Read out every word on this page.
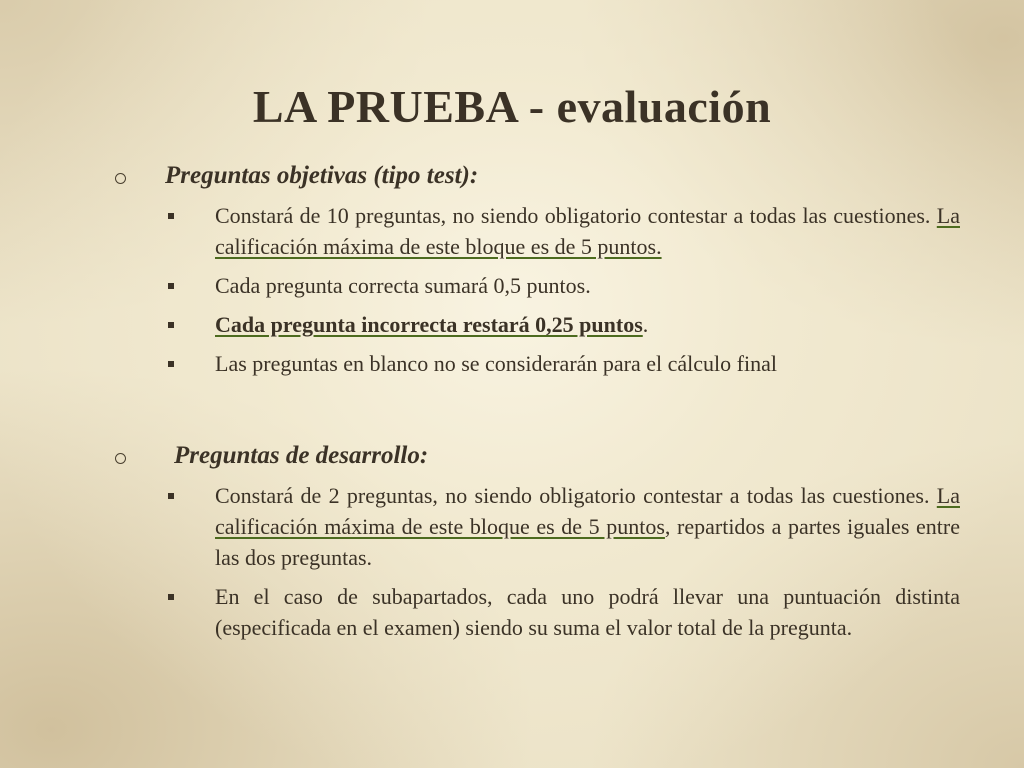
LA PRUEBA - evaluación
Preguntas objetivas (tipo test):
Constará de 10 preguntas, no siendo obligatorio contestar a todas las cuestiones. La calificación máxima de este bloque es de 5 puntos.
Cada pregunta correcta sumará 0,5 puntos.
Cada pregunta incorrecta restará 0,25 puntos.
Las preguntas en blanco no se considerarán para el cálculo final
Preguntas de desarrollo:
Constará de 2 preguntas, no siendo obligatorio contestar a todas las cuestiones. La calificación máxima de este bloque es de 5 puntos, repartidos a partes iguales entre las dos preguntas.
En el caso de subapartados, cada uno podrá llevar una puntuación distinta (especificada en el examen) siendo su suma el valor total de la pregunta.
